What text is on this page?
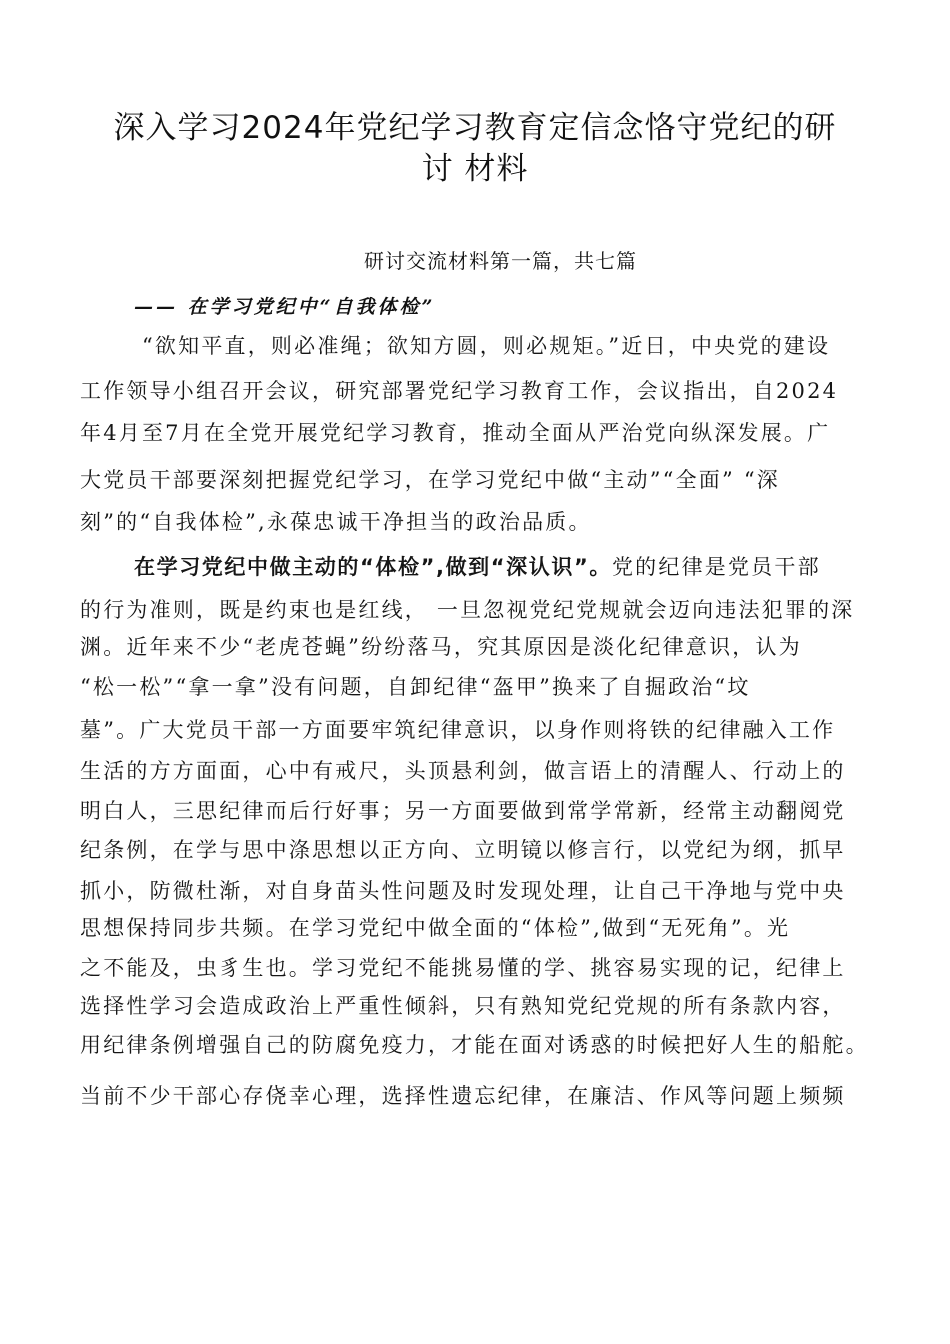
深入学习2024年党纪学习教育定信念恪守党纪的研
讨 材料
研讨交流材料第一篇，共七篇
—— 在学习党纪中“自我体检”
“欲知平直，则必准绳；欲知方圆，则必规矩。”近日，中央党的建设
工作领导小组召开会议，研究部署党纪学习教育工作，会议指出，自2024
年4月至7月在全党开展党纪学习教育，推动全面从严治党向纵深发展。广
大党员干部要深刻把握党纪学习，在学习党纪中做“主动”“全面” “深
刻”的“自我体检”,永葆忠诚干净担当的政治品质。
在学习党纪中做主动的“体检”,做到“深认识”。党的纪律是党员干部
的行为准则，既是约束也是红线， 一旦忽视党纪党规就会迈向违法犯罪的深
渊。近年来不少“老虎苍蝇”纷纷落马，究其原因是淡化纪律意识，认为
“松一松”“拿一拿”没有问题，自卸纪律“盔甲”换来了自掘政治“坟
墓”。广大党员干部一方面要牢筑纪律意识，以身作则将铁的纪律融入工作
生活的方方面面，心中有戒尺，头顶悬利剑，做言语上的清醒人、行动上的
明白人，三思纪律而后行好事；另一方面要做到常学常新，经常主动翻阅党
纪条例，在学与思中涤思想以正方向、立明镜以修言行，以党纪为纲，抓早
抓小，防微杜渐，对自身苗头性问题及时发现处理，让自己干净地与党中央
思想保持同步共频。在学习党纪中做全面的“体检”,做到“无死角”。光
之不能及，虫豸生也。学习党纪不能挑易懂的学、挑容易实现的记，纪律上
选择性学习会造成政治上严重性倾斜，只有熟知党纪党规的所有条款内容，
用纪律条例增强自己的防腐免疫力，才能在面对诱惑的时候把好人生的船舵。
当前不少干部心存侥幸心理，选择性遗忘纪律，在廉洁、作风等问题上频频
